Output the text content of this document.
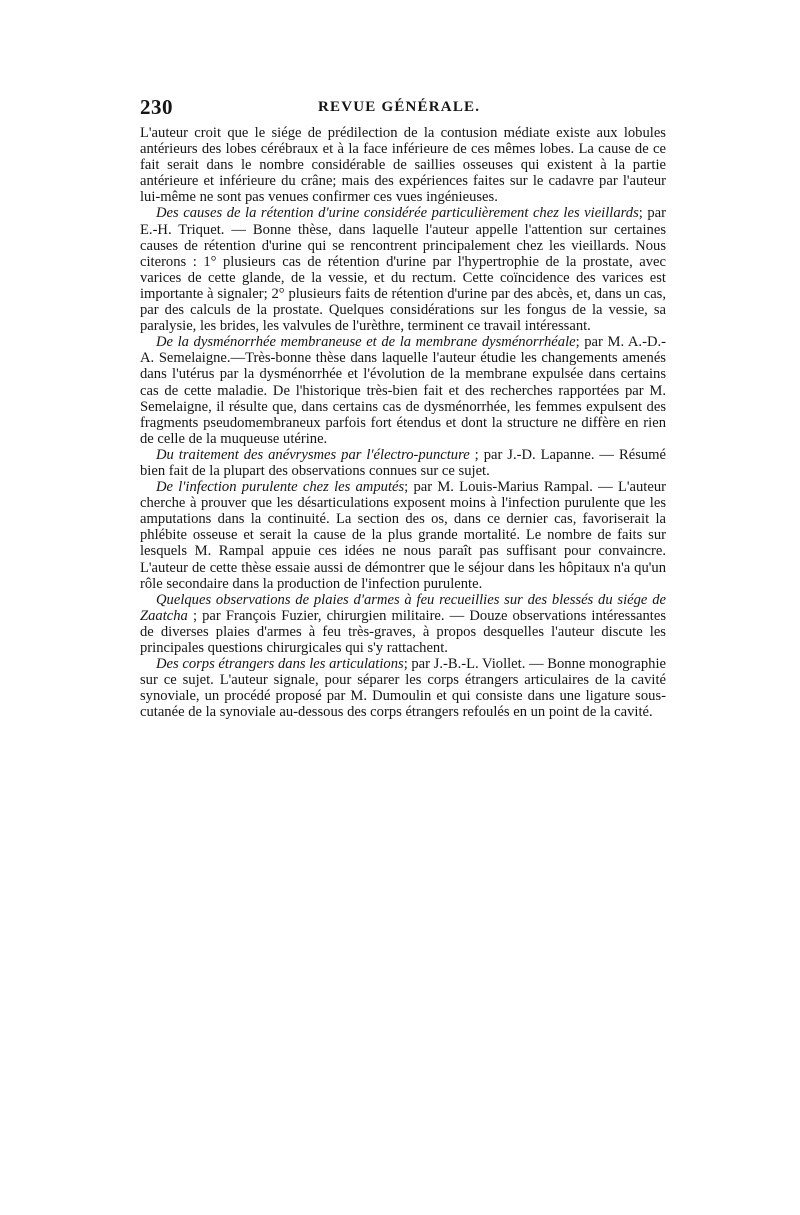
230	REVUE GÉNÉRALE.

L'auteur croit que le siége de prédilection de la contusion médiate existe aux lobules antérieurs des lobes cérébraux et à la face inférieure de ces mêmes lobes. La cause de ce fait serait dans le nombre considérable de saillies osseuses qui existent à la partie antérieure et inférieure du crâne; mais des expériences faites sur le cadavre par l'auteur lui-même ne sont pas venues confirmer ces vues ingénieuses.

Des causes de la rétention d'urine considérée particulièrement chez les vieillards; par E.-H. Triquet. — Bonne thèse, dans laquelle l'auteur appelle l'attention sur certaines causes de rétention d'urine qui se rencontrent principalement chez les vieillards. Nous citerons : 1° plusieurs cas de rétention d'urine par l'hypertrophie de la prostate, avec varices de cette glande, de la vessie, et du rectum. Cette coïncidence des varices est importante à signaler; 2° plusieurs faits de rétention d'urine par des abcès, et, dans un cas, par des calculs de la prostate. Quelques considérations sur les fongus de la vessie, sa paralysie, les brides, les valvules de l'urèthre, terminent ce travail intéressant.

De la dysménorrhée membraneuse et de la membrane dysménorrhéale; par M. A.-D.-A. Semelaigne.—Très-bonne thèse dans laquelle l'auteur étudie les changements amenés dans l'utérus par la dysménorrhée et l'évolution de la membrane expulsée dans certains cas de cette maladie. De l'historique très-bien fait et des recherches rapportées par M. Semelaigne, il résulte que, dans certains cas de dysménorrhée, les femmes expulsent des fragments pseudomembraneux parfois fort étendus et dont la structure ne diffère en rien de celle de la muqueuse utérine.

Du traitement des anévrysmes par l'électro-puncture ; par J.-D. Lapanne. — Résumé bien fait de la plupart des observations connues sur ce sujet.

De l'infection purulente chez les amputés; par M. Louis-Marius Rampal. — L'auteur cherche à prouver que les désarticulations exposent moins à l'infection purulente que les amputations dans la continuité. La section des os, dans ce dernier cas, favoriserait la phlébite osseuse et serait la cause de la plus grande mortalité. Le nombre de faits sur lesquels M. Rampal appuie ces idées ne nous paraît pas suffisant pour convaincre. L'auteur de cette thèse essaie aussi de démontrer que le séjour dans les hôpitaux n'a qu'un rôle secondaire dans la production de l'infection purulente.

Quelques observations de plaies d'armes à feu recueillies sur des blessés du siége de Zaatcha ; par François Fuzier, chirurgien militaire. — Douze observations intéressantes de diverses plaies d'armes à feu très-graves, à propos desquelles l'auteur discute les principales questions chirurgicales qui s'y rattachent.

Des corps étrangers dans les articulations; par J.-B.-L. Viollet. — Bonne monographie sur ce sujet. L'auteur signale, pour séparer les corps étrangers articulaires de la cavité synoviale, un procédé proposé par M. Dumoulin et qui consiste dans une ligature sous-cutanée de la synoviale au-dessous des corps étrangers refoulés en un point de la cavité.
